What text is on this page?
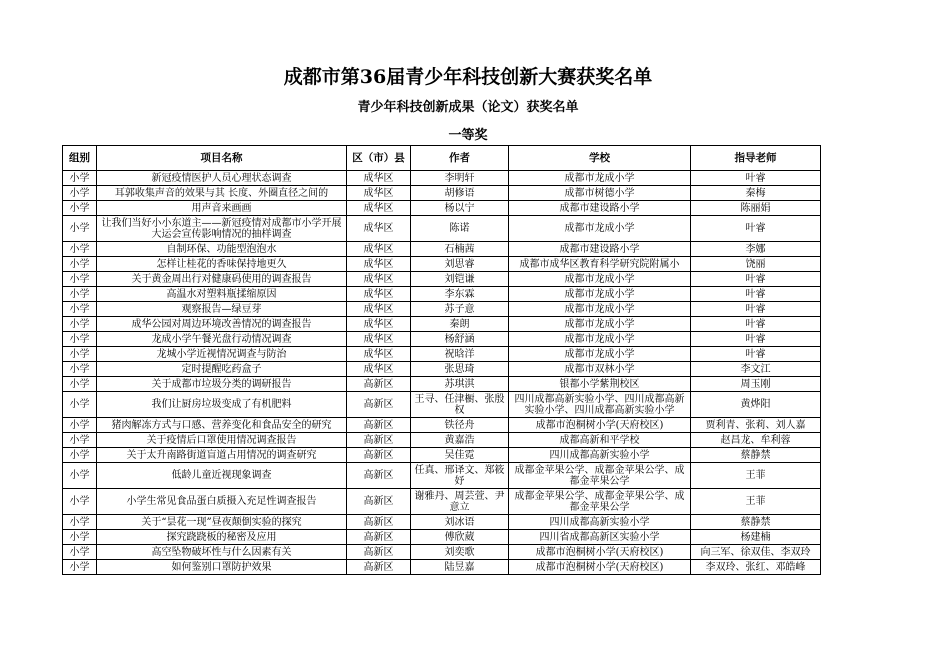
成都市第36届青少年科技创新大赛获奖名单
青少年科技创新成果（论文）获奖名单
一等奖
组别	项目名称	区（市）县	作者	学校	指导老师
小学	新冠疫情医护人员心理状态调查	成华区	李明轩	成都市龙成小学	叶睿
小学	耳郭收集声音的效果与其 长度、外圈直径之间的	成华区	胡修语	成都市树德小学	秦梅
小学	用声音来画画	成华区	杨以宁	成都市建设路小学	陈丽娟
小学	让我们当好小小东道主——新冠疫情对成都市小学开展大运会宣传影响情况的抽样调查	成华区	陈诺	成都市龙成小学	叶睿
小学	自制环保、功能型泡泡水	成华区	石楠茜	成都市建设路小学	李娜
小学	怎样让桂花的香味保持地更久	成华区	刘思睿	成都市成华区教育科学研究院附属小	饶丽
小学	关于黄金周出行对健康码使用的调查报告	成华区	刘铠谦	成都市龙成小学	叶睿
小学	高温水对塑料瓶揉缩原因	成华区	李东霖	成都市龙成小学	叶睿
小学	观察报告—绿豆芽	成华区	苏子意	成都市龙成小学	叶睿
小学	成华公园对周边环境改善情况的调查报告	成华区	秦朗	成都市龙成小学	叶睿
小学	龙成小学午餐光盘行动情况调查	成华区	杨舒涵	成都市龙成小学	叶睿
小学	龙城小学近视情况调查与防治	成华区	祝晗洋	成都市龙成小学	叶睿
小学	定时提醒吃药盒子	成华区	张思琦	成都市双林小学	李文江
小学	关于成都市垃圾分类的调研报告	高新区	苏琪淇	银都小学紫荆校区	周玉刚
小学	我们让厨房垃圾变成了有机肥料	高新区	王寻、任津橱、张殷权	四川成都高新实验小学、四川成都高新实验小学、四川成都高新实验小学	黄烨阳
小学	猪肉解冻方式与口感、营养变化和食品安全的研究	高新区	铁径舟	成都市泡桐树小学(天府校区)	贾利青、张莉、刘人嘉
小学	关于疫情后口罩使用情况调查报告	高新区	黄嘉浩	成都高新和平学校	赵昌龙、牟利蓉
小学	关于太升南路街道盲道占用情况的调查研究	高新区	吴佳霓	四川成都高新实验小学	蔡静禁
小学	低龄儿童近视现象调查	高新区	任真、邢译文、郑筱妤	成都金苹果公学、成都金苹果公学、成都金苹果公学	王菲
小学	小学生常见食品蛋白质摄入充足性调查报告	高新区	谢雅丹、周芸萱、尹意立	成都金苹果公学、成都金苹果公学、成都金苹果公学	王菲
小学	关于“昙花一现”昼夜颠倒实验的探究	高新区	刘冰语	四川成都高新实验小学	蔡静禁
小学	探究跷跷板的秘密及应用	高新区	傅欣葳	四川省成都高新区实验小学	杨建楠
小学	高空坠物破坏性与什么因素有关	高新区	刘奕歌	成都市泡桐树小学(天府校区)	向三军、徐双佳、李双玲
小学	如何鉴别口罩防护效果	高新区	陆昱嘉	成都市泡桐树小学(天府校区)	李双玲、张红、邓皓峰
